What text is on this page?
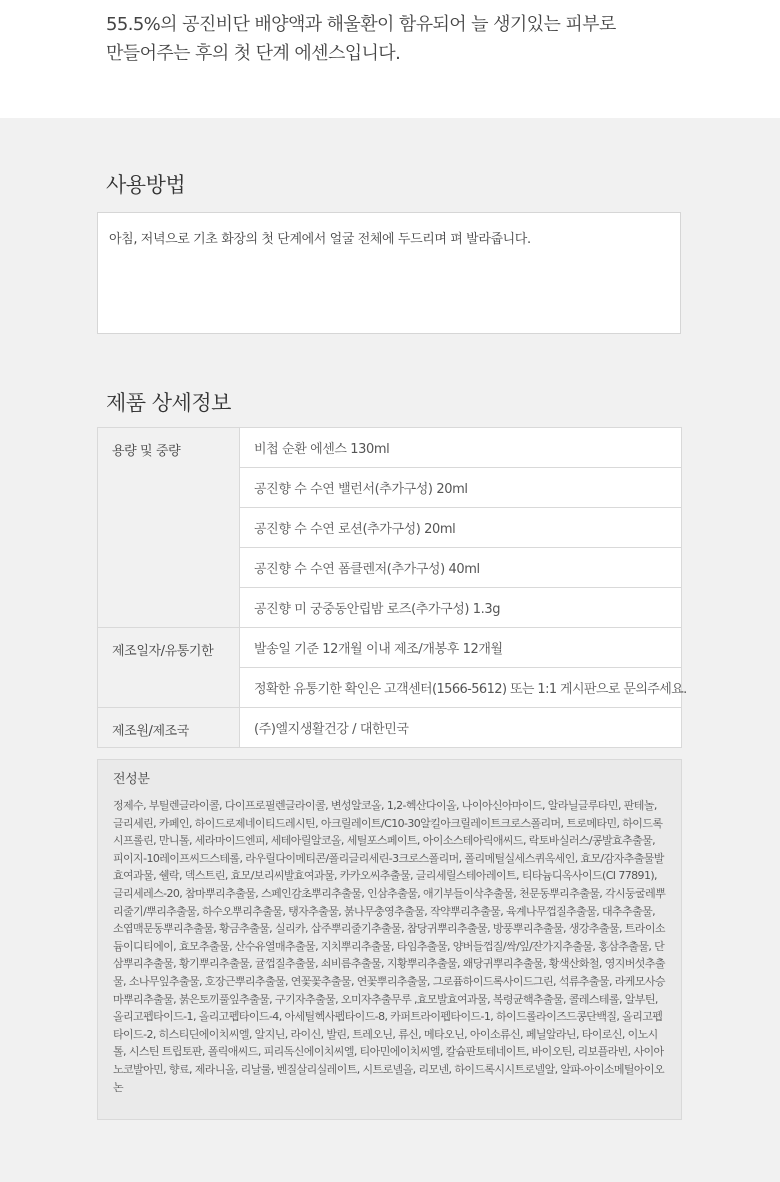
55.5%의 공진비단 배양액과 해울환이 함유되어 늘 생기있는 피부로
만들어주는 후의 첫 단계 에센스입니다.
사용방법
아침, 저녁으로 기초 화장의 첫 단계에서 얼굴 전체에 두드리며 펴 발라줍니다.
제품 상세정보
용량 및 중량	비첩 순환 에센스 130ml
	공진향 수 수연 밸런서(추가구성) 20ml
	공진향 수 수연 로션(추가구성) 20ml
	공진향 수 수연 폼클렌저(추가구성) 40ml
	공진향 미 궁중동안립밤 로즈(추가구성) 1.3g
제조일자/유통기한	발송일 기준 12개월 이내 제조/개봉후 12개월
	정확한 유통기한 확인은 고객센터(1566-5612) 또는 1:1 게시판으로 문의주세요.
제조원/제조국	(주)엘지생활건강 / 대한민국
전성분
정제수, 부틸렌글라이콜, 다이프로필렌글라이콜, 변성알코올, 1,2-헥산다이올, 나이아신아마이드, 알라닐글루타민, 판테놀, 글리세린, 카페인, 하이드로제네이티드레시틴, 아크릴레이트/C10-30알킬아크릴레이트크로스폴리머, 트로메타민, 하이드록시프롤린, 만니톨, 세라마이드엔피, 세테아릴알코올, 세틸포스페이트, 아이소스테아릭애씨드, 락토바실러스/콩발효추출물, 피이지-10레이프씨드스테롤, 라우릴다이메티콘/폴리글리세린-3크로스폴리머, 폴리메틸실세스퀴옥세인, 효모/감자추출물발효여과물, 쉘락, 덱스트린, 효모/보리씨발효여과물, 카카오씨추출물, 글리세릴스테아레이트, 티타늄디옥사이드(CI 77891), 글리세레스-20, 참마뿌리추출물, 스페인감초뿌리추출물, 인삼추출물, 애기부들이삭추출물, 천문동뿌리추출물, 각시둥굴레뿌리줄기/뿌리추출물, 하수오뿌리추출물, 탱자추출물, 붉나무충영추출물, 작약뿌리추출물, 육계나무껍질추출물, 대추추출물, 소엽맥문동뿌리추출물, 황금추출물, 실리카, 삽주뿌리줄기추출물, 참당귀뿌리추출물, 방풍뿌리추출물, 생강추출물, 트라이소듐이디티에이, 효모추출물, 산수유열매추출물, 지치뿌리추출물, 타임추출물, 양버들껍질/싹/잎/잔가지추출물, 홍삼추출물, 단삼뿌리추출물, 황기뿌리추출물, 귤껍질추출물, 쇠비름추출물, 지황뿌리추출물, 왜당귀뿌리추출물, 황색산화철, 영지버섯추출물, 소나무잎추출물, 호장근뿌리추출물, 연꽃꽃추출물, 연꽃뿌리추출물, 그로퓸하이드록사이드그린, 석류추출물, 라케모사승마뿌리추출물, 붉은토끼풀잎추출물, 구기자추출물, 오미자추출무루 ,효모발효여과물, 복령균핵추출물, 콜레스테롤, 알부틴, 올리고펩타이드-1, 올리고펩타이드-4, 아세틸헥사펩타이드-8, 카퍼트라이펩타이드-1, 하이드롤라이즈드콩단백질, 올리고펩타이드-2, 히스티딘에이치씨엘, 알지닌, 라이신, 발린, 트레오닌, 류신, 메타오닌, 아이소류신, 페닐알라닌, 타이로신, 이노시톨, 시스틴 트립토판, 폴릭애씨드, 피리독신에이치씨엘, 티아민에이치씨엘, 칼슘판토테네이트, 바이오틴, 리보플라빈, 사이아노코발아민, 향료, 제라니올, 리날룰, 벤질살리실레이트, 시트로넬올, 리모넨, 하이드록시시트로넬알, 알파-아이소메틸아이오논
